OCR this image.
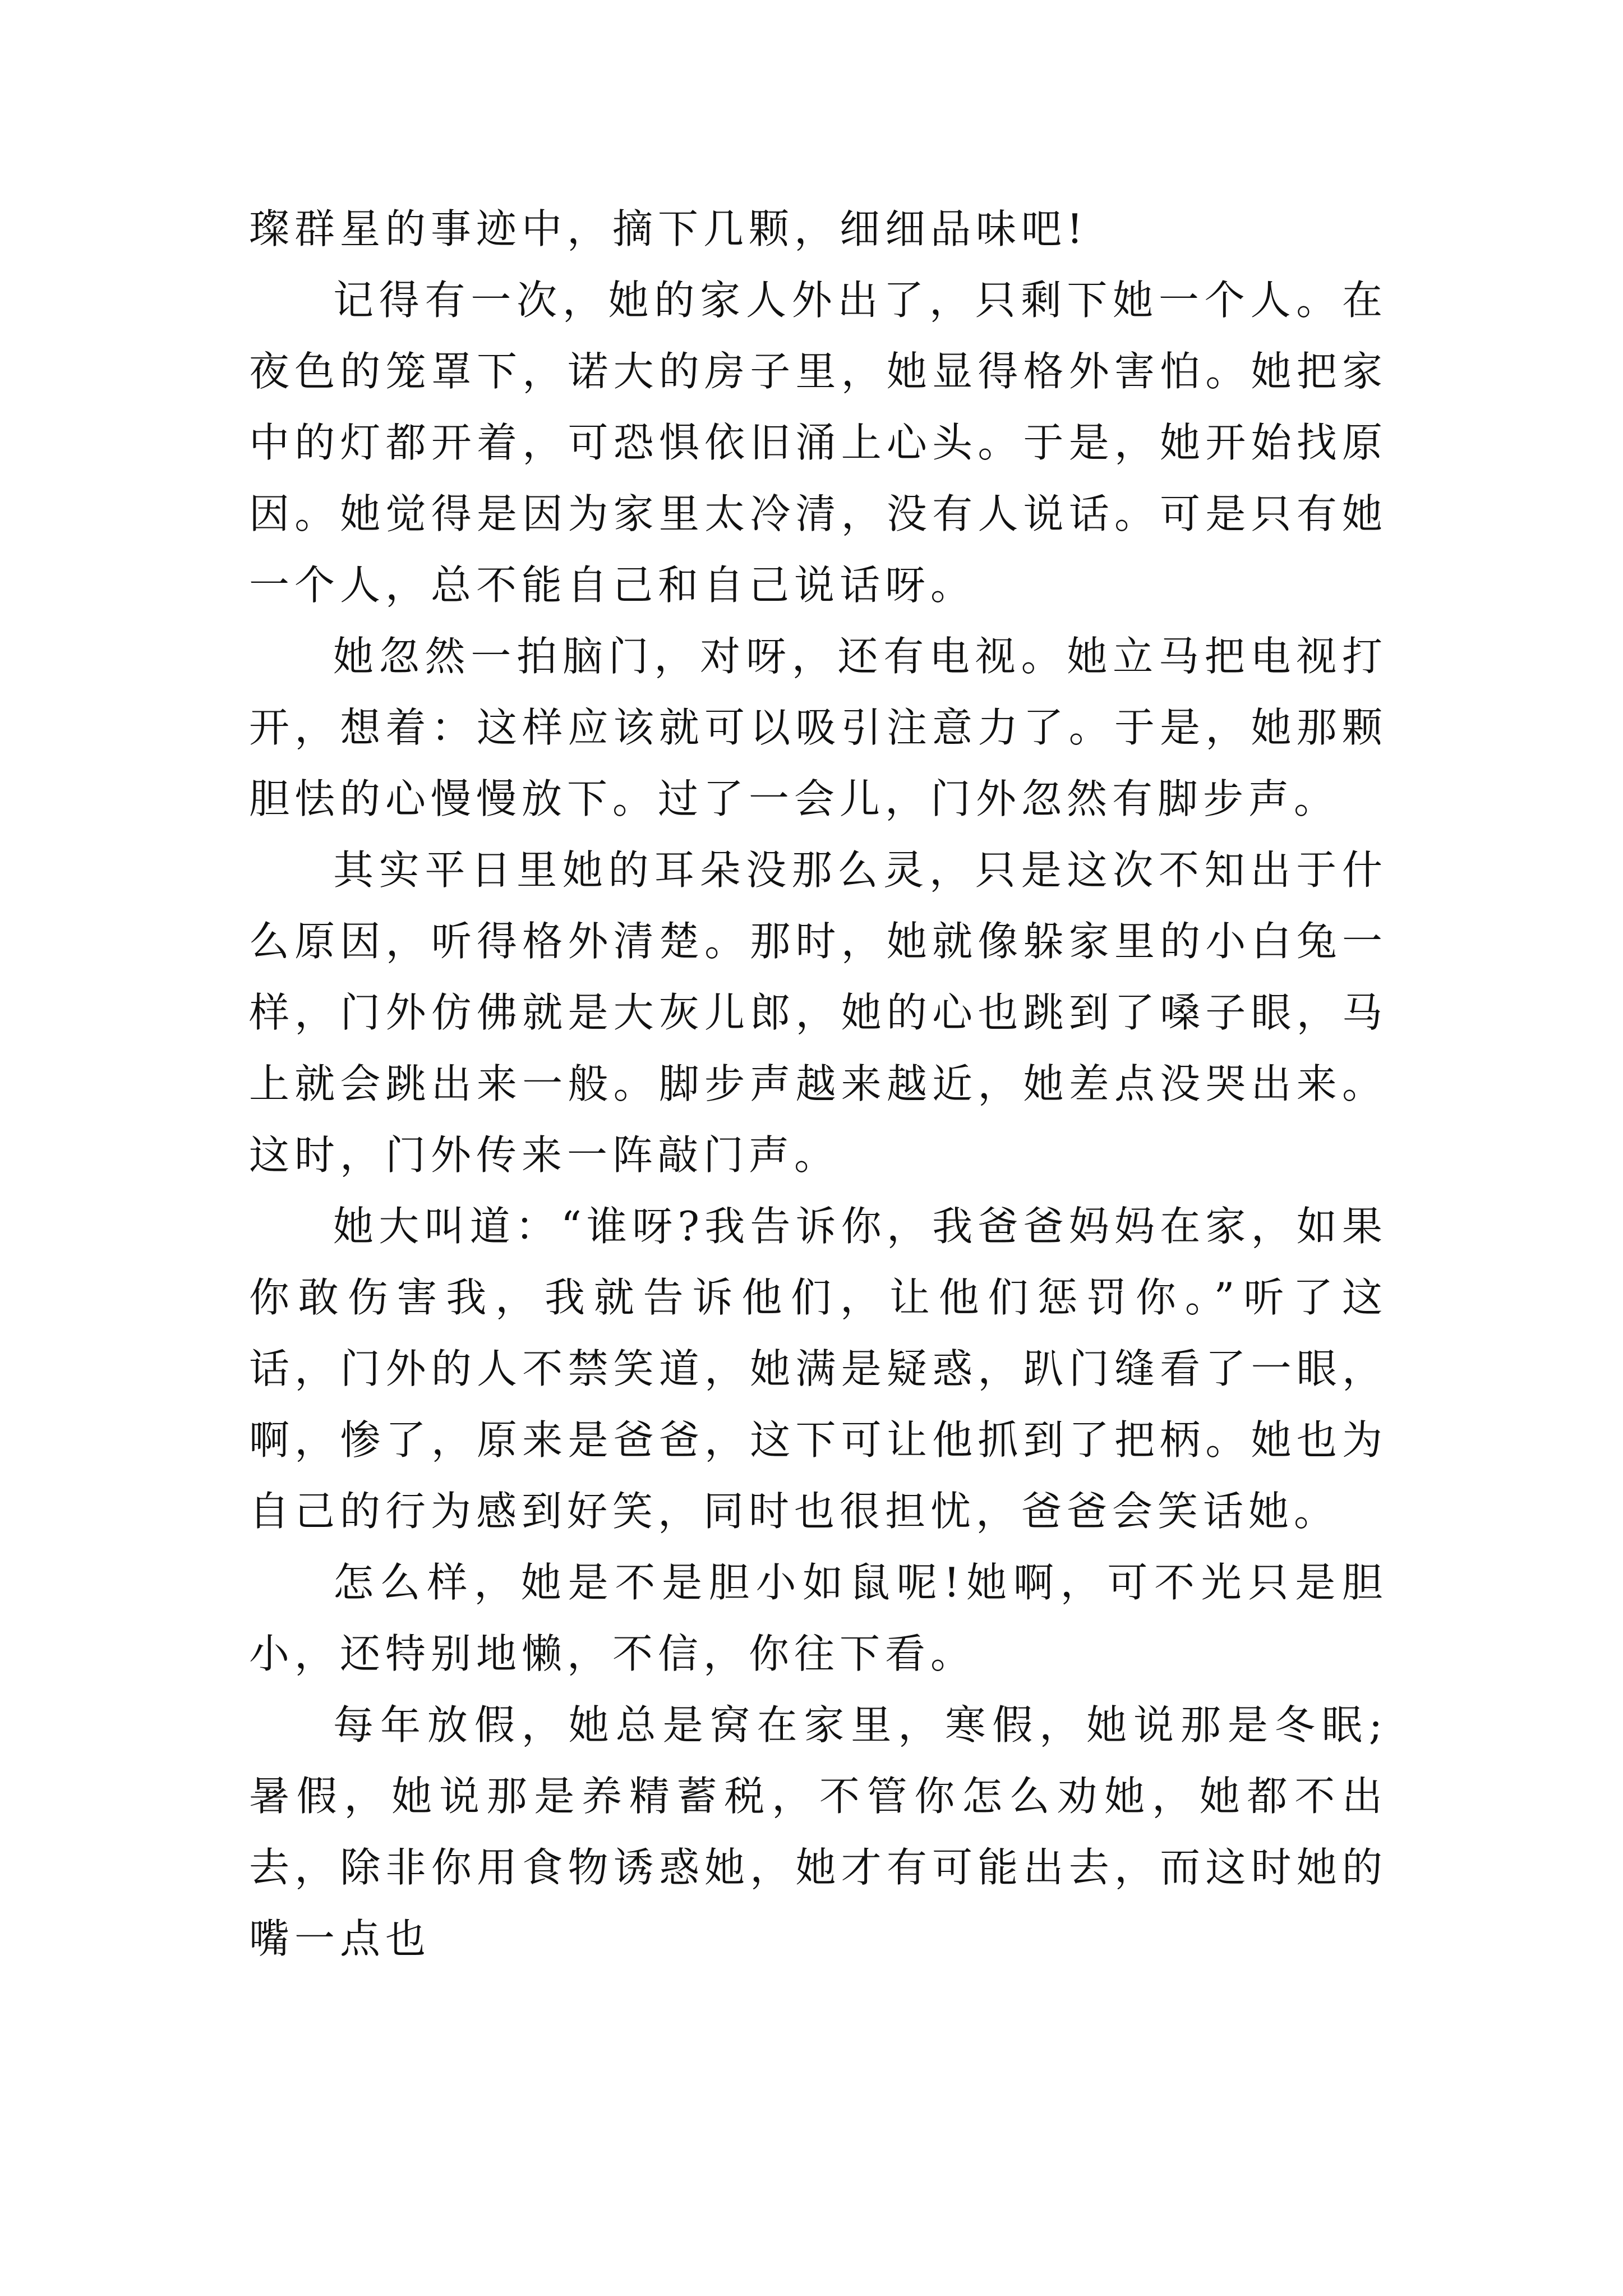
璨群星的事迹中，摘下几颗，细细品味吧!

记得有一次，她的家人外出了，只剩下她一个人。在夜色的笼罩下，诺大的房子里，她显得格外害怕。她把家中的灯都开着，可恐惧依旧涌上心头。于是，她开始找原因。她觉得是因为家里太冷清，没有人说话。可是只有她一个人，总不能自己和自己说话呀。

她忽然一拍脑门，对呀，还有电视。她立马把电视打开，想着：这样应该就可以吸引注意力了。于是，她那颗胆怯的心慢慢放下。过了一会儿，门外忽然有脚步声。

其实平日里她的耳朵没那么灵，只是这次不知出于什么原因，听得格外清楚。那时，她就像躲家里的小白兔一样，门外仿佛就是大灰儿郎，她的心也跳到了嗓子眼，马上就会跳出来一般。脚步声越来越近，她差点没哭出来。这时，门外传来一阵敲门声。

她大叫道：“谁呀?我告诉你，我爸爸妈妈在家，如果你敢伤害我，我就告诉他们，让他们惩罚你。”听了这话，门外的人不禁笑道，她满是疑惑，趴门缝看了一眼，啊，惨了，原来是爸爸，这下可让他抓到了把柄。她也为自己的行为感到好笑，同时也很担忧，爸爸会笑话她。

怎么样，她是不是胆小如鼠呢!她啊，可不光只是胆小，还特别地懒，不信，你往下看。

每年放假，她总是窝在家里，寒假，她说那是冬眠;暑假，她说那是养精蓄税，不管你怎么劝她，她都不出去，除非你用食物诱惑她，她才有可能出去，而这时她的嘴一点也
